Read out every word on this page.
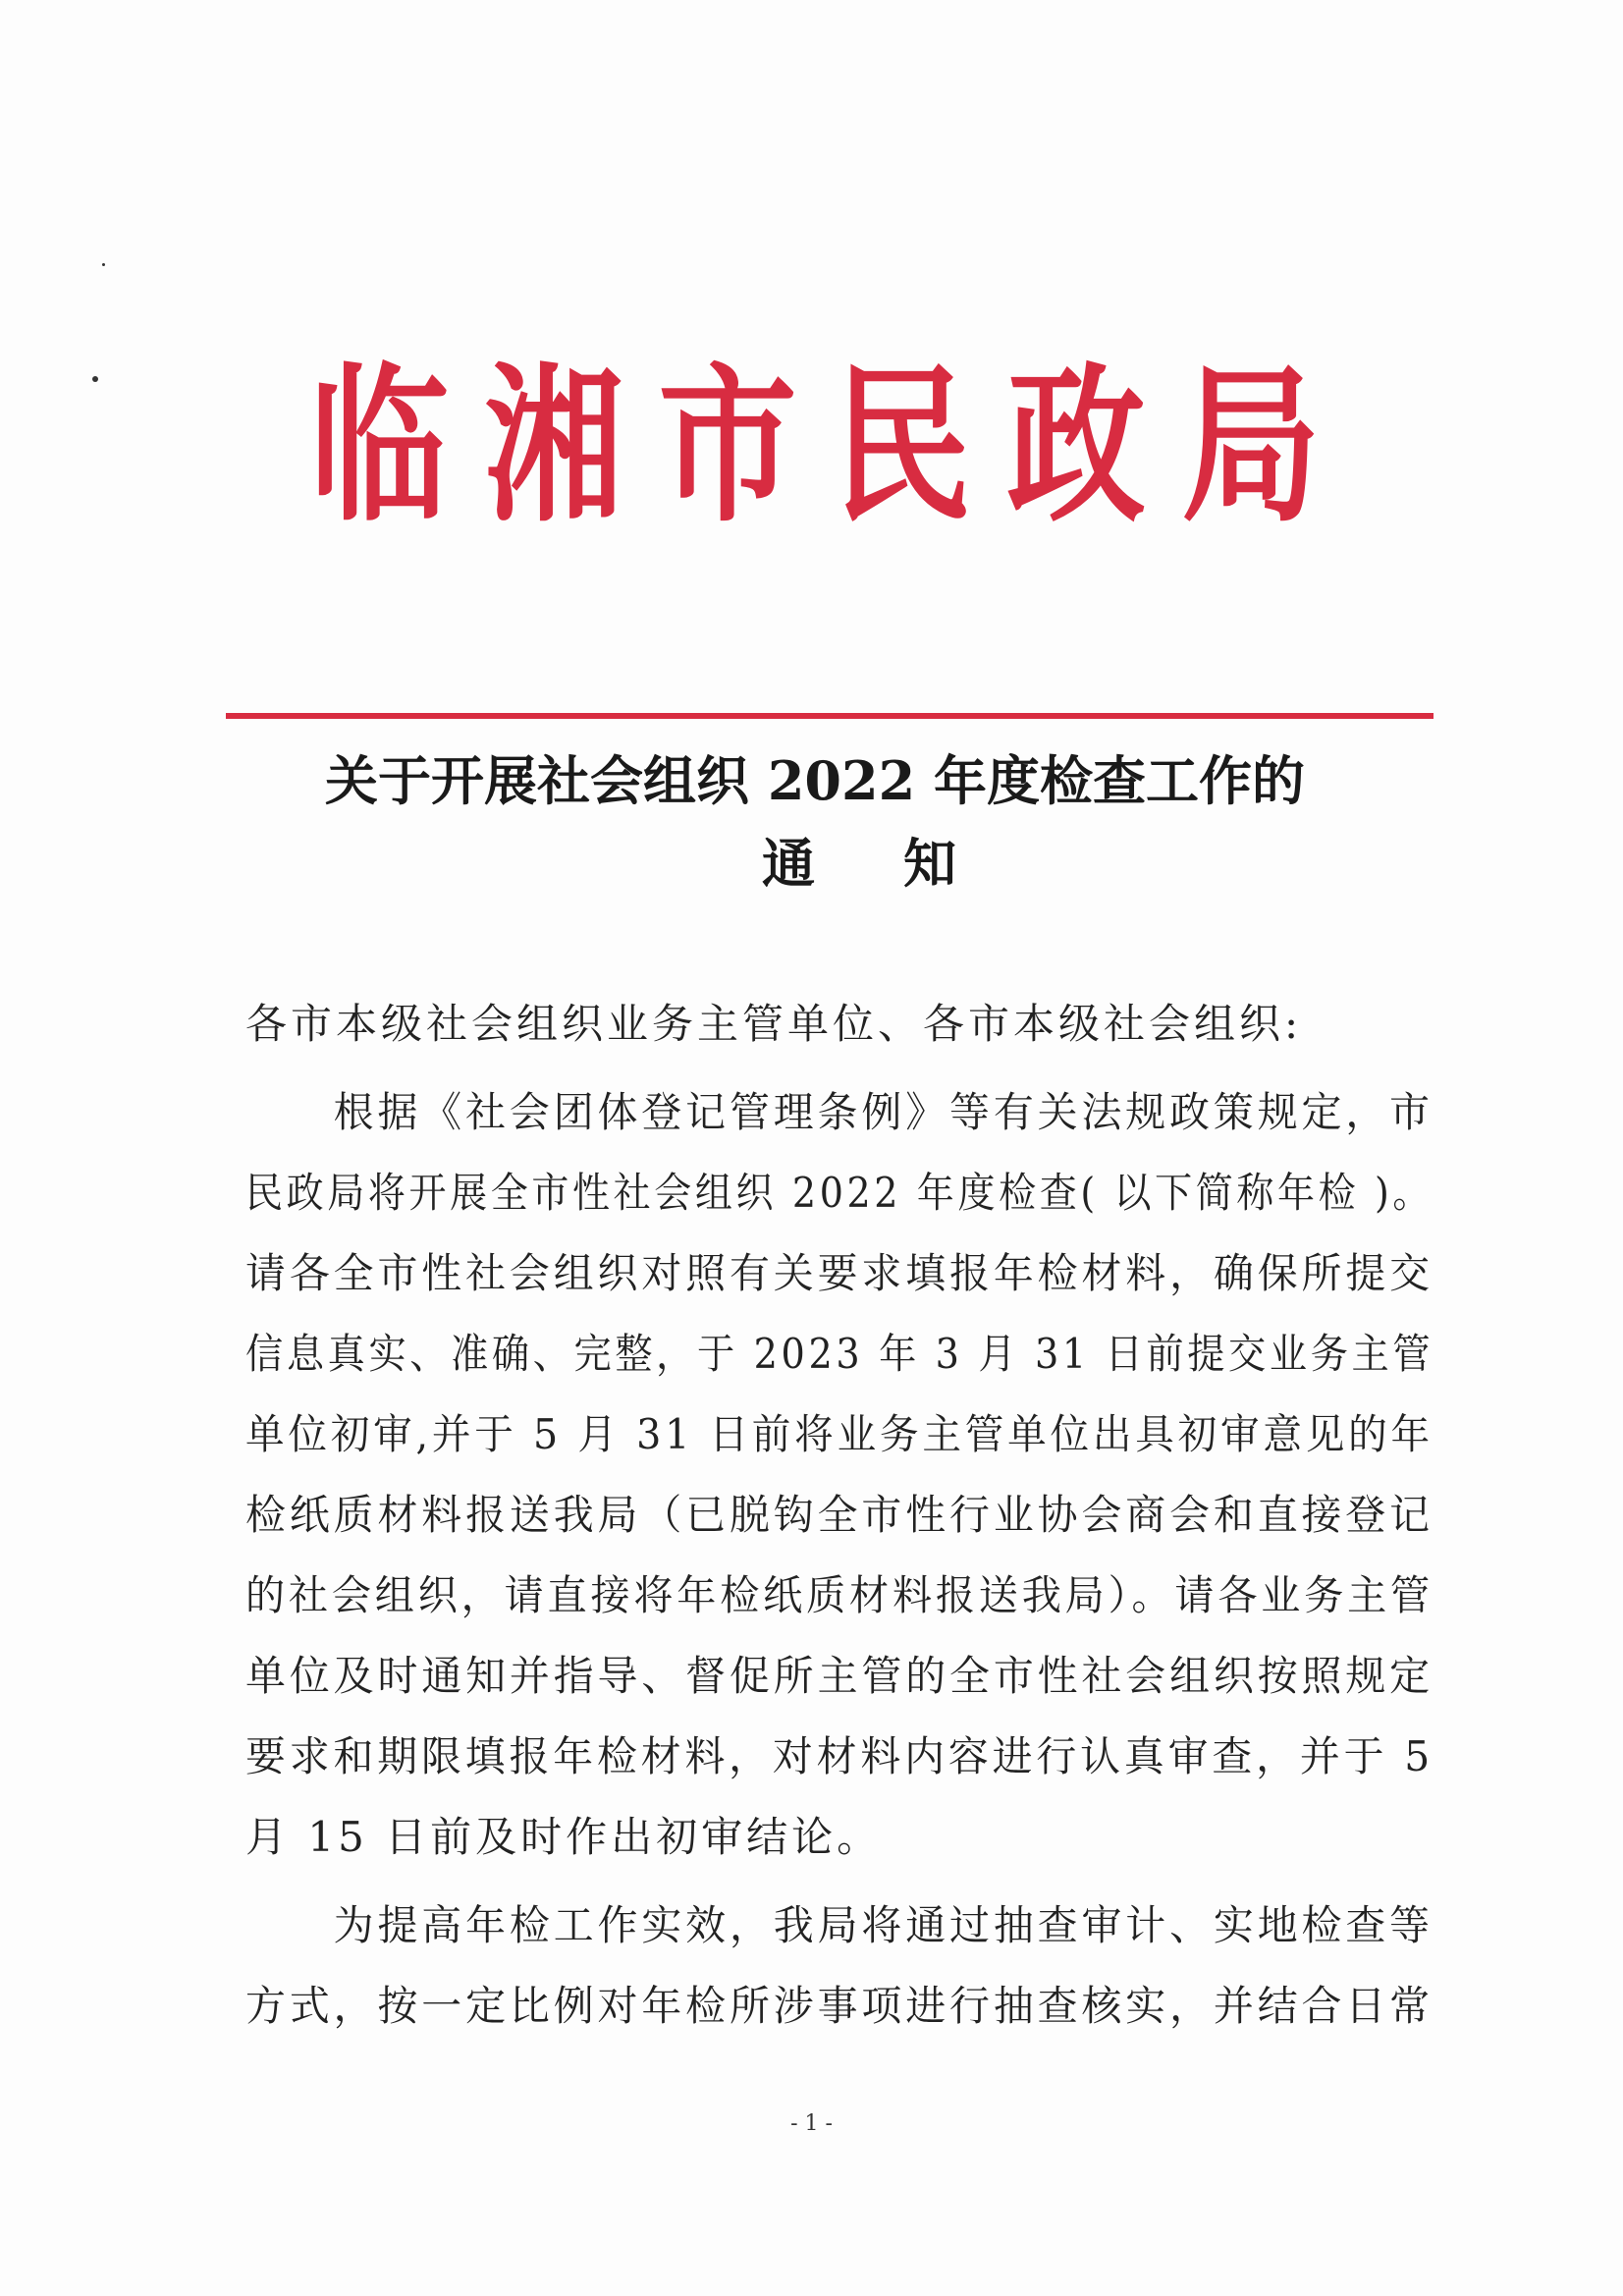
临 湘 市 民 政 局
关于开展社会组织 2022 年度检查工作的
通知
各市本级社会组织业务主管单位、各市本级社会组织:
　　根据《社会团体登记管理条例》等有关法规政策规定，市
民政局将开展全市性社会组织 2022 年度检查( 以下简称年检 )。
请各全市性社会组织对照有关要求填报年检材料，确保所提交
信息真实、准确、完整，于 2023 年 3 月 31 日前提交业务主管
单位初审,并于 5 月 31 日前将业务主管单位出具初审意见的年
检纸质材料报送我局（已脱钩全市性行业协会商会和直接登记
的社会组织，请直接将年检纸质材料报送我局）。请各业务主管
单位及时通知并指导、督促所主管的全市性社会组织按照规定
要求和期限填报年检材料，对材料内容进行认真审查，并于 5
月 15 日前及时作出初审结论。
　　为提高年检工作实效，我局将通过抽查审计、实地检查等
方式，按一定比例对年检所涉事项进行抽查核实，并结合日常
- 1 -
